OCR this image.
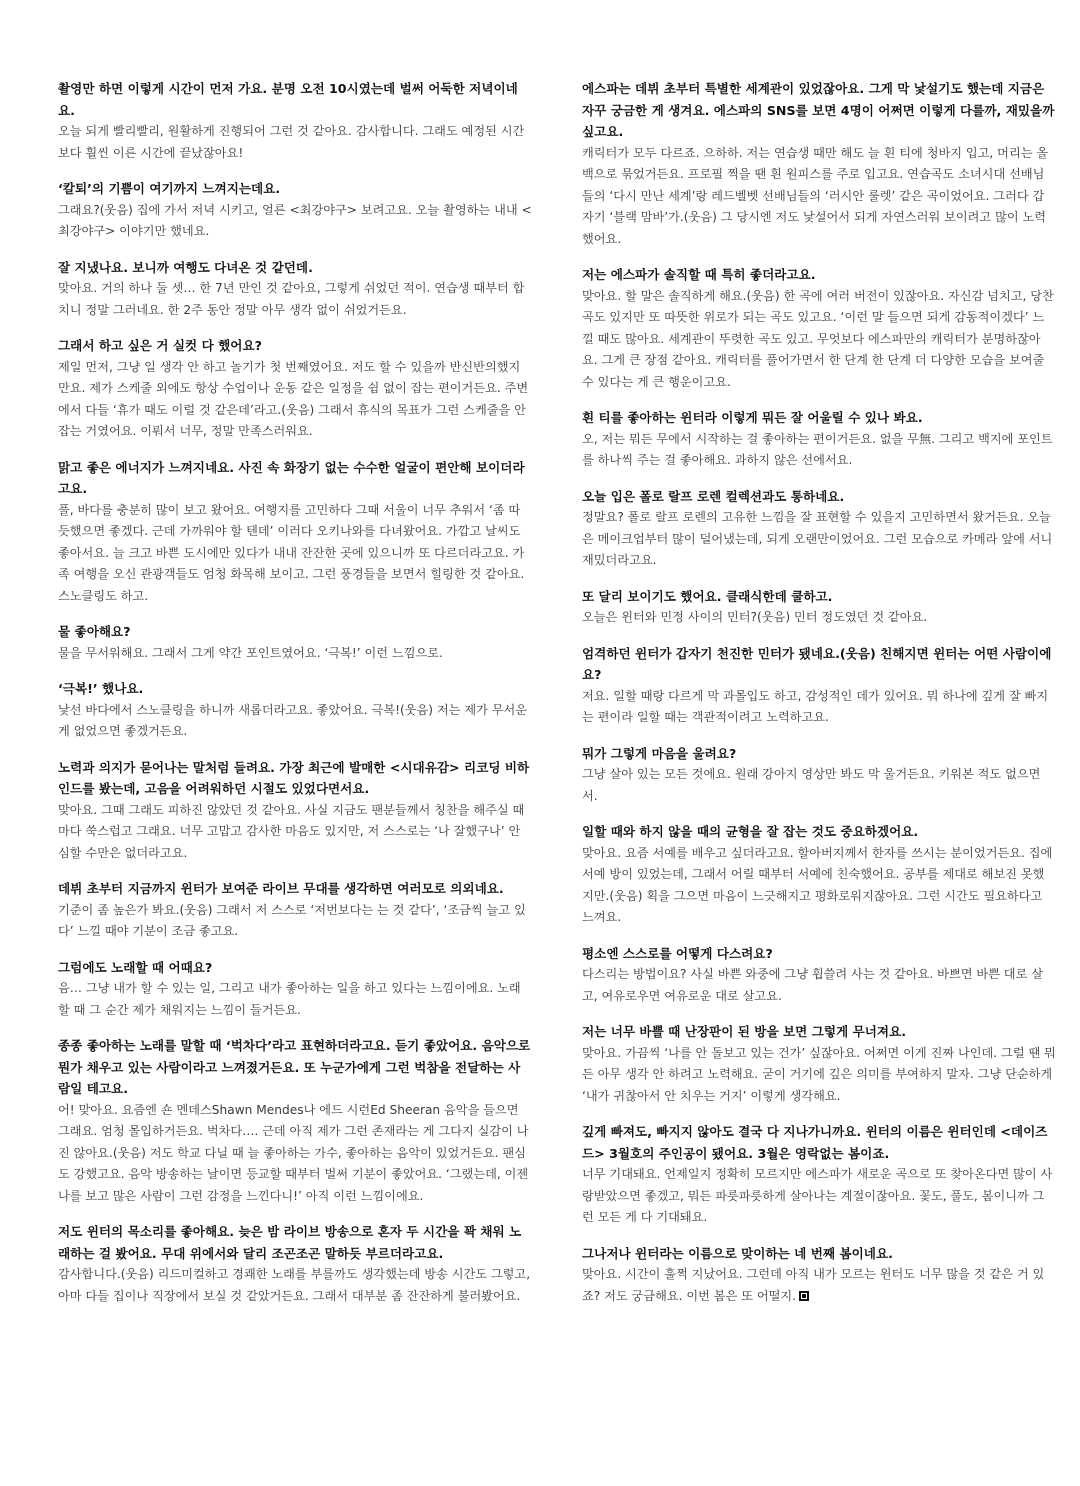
촬영만 하면 이렇게 시간이 먼저 가요. 분명 오전 10시였는데 벌써 어둑한 저녁이네요.

오늘 되게 빨리빨리, 원활하게 진행되어 그런 것 같아요. 감사합니다. 그래도 예정된 시간보다 훨씬 이른 시간에 끝났잖아요!

‘칼퇴’의 기쁨이 여기까지 느껴지는데요.

그래요?(웃음) 집에 가서 저녁 시키고, 얼른 <최강야구> 보려고요. 오늘 촬영하는 내내 <최강야구> 이야기만 했네요.

잘 지냈나요. 보니까 여행도 다녀온 것 같던데.

맞아요. 거의 하나 둘 셋… 한 7년 만인 것 같아요, 그렇게 쉬었던 적이. 연습생 때부터 합치니 정말 그러네요. 한 2주 동안 정말 아무 생각 없이 쉬었거든요.

그래서 하고 싶은 거 실컷 다 했어요?

제일 먼저, 그냥 일 생각 안 하고 놀기가 첫 번째였어요. 저도 할 수 있을까 반신반의했지만요. 제가 스케줄 외에도 항상 수업이나 운동 같은 일정을 쉼 없이 잡는 편이거든요. 주변에서 다들 ‘휴가 때도 이럴 것 같은데’라고.(웃음) 그래서 휴식의 목표가 그런 스케줄을 안 잡는 거였어요. 이뤄서 너무, 정말 만족스러워요.

맑고 좋은 에너지가 느껴지네요. 사진 속 화장기 없는 수수한 얼굴이 편안해 보이더라고요.

풀, 바다를 충분히 많이 보고 왔어요. 여행지를 고민하다 그때 서울이 너무 추워서 ‘좀 따듯했으면 좋겠다. 근데 가까워야 할 텐데’ 이러다 오키나와를 다녀왔어요. 가깝고 날씨도 좋아서요. 늘 크고 바쁜 도시에만 있다가 내내 잔잔한 곳에 있으니까 또 다르더라고요. 가족 여행을 오신 관광객들도 엄청 화목해 보이고. 그런 풍경들을 보면서 힐링한 것 같아요. 스노클링도 하고.

물 좋아해요?

물을 무서워해요. 그래서 그게 약간 포인트였어요. ‘극복!’ 이런 느낌으로.

‘극복!’ 했나요.

낯선 바다에서 스노클링을 하니까 새롭더라고요. 좋았어요. 극복!(웃음) 저는 제가 무서운 게 없었으면 좋겠거든요.

노력과 의지가 묻어나는 말처럼 들려요. 가장 최근에 발매한 <시대유감> 리코딩 비하인드를 봤는데, 고음을 어려워하던 시절도 있었다면서요.

맞아요. 그때 그래도 피하진 않았던 것 같아요. 사실 지금도 팬분들께서 칭찬을 해주실 때마다 쑥스럽고 그래요. 너무 고맙고 감사한 마음도 있지만, 저 스스로는 ‘나 잘했구나’ 안심할 수만은 없더라고요.

데뷔 초부터 지금까지 윈터가 보여준 라이브 무대를 생각하면 여러모로 의외네요.

기준이 좀 높은가 봐요.(웃음) 그래서 저 스스로 ‘저번보다는 는 것 같다’, ‘조금씩 늘고 있다’ 느낄 때야 기분이 조금 좋고요.

그럼에도 노래할 때 어때요?

음… 그냥 내가 할 수 있는 일, 그리고 내가 좋아하는 일을 하고 있다는 느낌이에요. 노래할 때 그 순간 제가 채워지는 느낌이 들거든요.

종종 좋아하는 노래를 말할 때 ‘벅차다’라고 표현하더라고요. 듣기 좋았어요. 음악으로 뭔가 채우고 있는 사람이라고 느껴졌거든요. 또 누군가에게 그런 벅참을 전달하는 사람일 테고요.

어! 맞아요. 요즘엔 숀 멘데스Shawn Mendes나 에드 시런Ed Sheeran 음악을 들으면 그래요. 엄청 몰입하거든요. 벅차다…. 근데 아직 제가 그런 존재라는 게 그다지 실감이 나진 않아요.(웃음) 저도 학교 다닐 때 늘 좋아하는 가수, 좋아하는 음악이 있었거든요. 팬심도 강했고요. 음악 방송하는 날이면 등교할 때부터 벌써 기분이 좋았어요. ‘그랬는데, 이젠 나를 보고 많은 사람이 그런 감정을 느낀다니!’ 아직 이런 느낌이에요.

저도 윈터의 목소리를 좋아해요. 늦은 밤 라이브 방송으로 혼자 두 시간을 꽉 채워 노래하는 걸 봤어요. 무대 위에서와 달리 조곤조곤 말하듯 부르더라고요.

감사합니다.(웃음) 리드미컬하고 경쾌한 노래를 부를까도 생각했는데 방송 시간도 그렇고, 아마 다들 집이나 직장에서 보실 것 같았거든요. 그래서 대부분 좀 잔잔하게 불러봤어요.

에스파는 데뷔 초부터 특별한 세계관이 있었잖아요. 그게 막 낯설기도 했는데 지금은 자꾸 궁금한 게 생겨요. 에스파의 SNS를 보면 4명이 어쩌면 이렇게 다를까, 재밌을까 싶고요.

캐릭터가 모두 다르죠. 으하하. 저는 연습생 때만 해도 늘 흰 티에 청바지 입고, 머리는 올백으로 묶었거든요. 프로필 찍을 땐 흰 원피스를 주로 입고요. 연습곡도 소녀시대 선배님들의 ‘다시 만난 세계’랑 레드벨벳 선배님들의 ‘러시안 룰렛’ 같은 곡이었어요. 그러다 갑자기 ‘블랙 맘바’가.(웃음) 그 당시엔 저도 낯설어서 되게 자연스러워 보이려고 많이 노력했어요.

저는 에스파가 솔직할 때 특히 좋더라고요.

맞아요. 할 말은 솔직하게 해요.(웃음) 한 곡에 여러 버전이 있잖아요. 자신감 넘치고, 당찬 곡도 있지만 또 따뜻한 위로가 되는 곡도 있고요. ‘이런 말 들으면 되게 감동적이겠다’ 느낄 때도 많아요. 세계관이 뚜렷한 곡도 있고. 무엇보다 에스파만의 캐릭터가 분명하잖아요. 그게 큰 장점 같아요. 캐릭터를 풀어가면서 한 단계 한 단계 더 다양한 모습을 보여줄 수 있다는 게 큰 행운이고요.

흰 티를 좋아하는 윈터라 이렇게 뭐든 잘 어울릴 수 있나 봐요.

오, 저는 뭐든 무에서 시작하는 걸 좋아하는 편이거든요. 없을 무無. 그리고 백지에 포인트를 하나씩 주는 걸 좋아해요. 과하지 않은 선에서요.

오늘 입은 폴로 랄프 로렌 컬렉션과도 통하네요.

정말요? 폴로 랄프 로렌의 고유한 느낌을 잘 표현할 수 있을지 고민하면서 왔거든요. 오늘은 메이크업부터 많이 덜어냈는데, 되게 오랜만이었어요. 그런 모습으로 카메라 앞에 서니 재밌더라고요.

또 달리 보이기도 했어요. 클래식한데 쿨하고.

오늘은 윈터와 민정 사이의 민터?(웃음) 민터 정도였던 것 같아요.

엄격하던 윈터가 갑자기 천진한 민터가 됐네요.(웃음) 친해지면 윈터는 어떤 사람이에요?

저요. 일할 때랑 다르게 막 과몰입도 하고, 감성적인 데가 있어요. 뭐 하나에 깊게 잘 빠지는 편이라 일할 때는 객관적이려고 노력하고요.

뭐가 그렇게 마음을 울려요?

그냥 살아 있는 모든 것에요. 원래 강아지 영상만 봐도 막 울거든요. 키워본 적도 없으면서.

일할 때와 하지 않을 때의 균형을 잘 잡는 것도 중요하겠어요.

맞아요. 요즘 서예를 배우고 싶더라고요. 할아버지께서 한자를 쓰시는 분이었거든요. 집에 서예 방이 있었는데, 그래서 어릴 때부터 서예에 친숙했어요. 공부를 제대로 해보진 못했지만.(웃음) 획을 그으면 마음이 느긋해지고 평화로워지잖아요. 그런 시간도 필요하다고 느껴요.

평소엔 스스로를 어떻게 다스려요?

다스리는 방법이요? 사실 바쁜 와중에 그냥 휩쓸려 사는 것 같아요. 바쁘면 바쁜 대로 살고, 여유로우면 여유로운 대로 살고요.

저는 너무 바쁠 때 난장판이 된 방을 보면 그렇게 무너져요.

맞아요. 가끔씩 ‘나를 안 돌보고 있는 건가’ 싶잖아요. 어쩌면 이게 진짜 나인데. 그럴 땐 뭐든 아무 생각 안 하려고 노력해요. 굳이 거기에 깊은 의미를 부여하지 말자. 그냥 단순하게 ‘내가 귀찮아서 안 치우는 거지’ 이렇게 생각해요.

깊게 빠져도, 빠지지 않아도 결국 다 지나가니까요. 윈터의 이름은 윈터인데 <데이즈드> 3월호의 주인공이 됐어요. 3월은 영락없는 봄이죠.

너무 기대돼요. 언제일지 정확히 모르지만 에스파가 새로운 곡으로 또 찾아온다면 많이 사랑받았으면 좋겠고, 뭐든 파릇파릇하게 살아나는 계절이잖아요. 꽃도, 풀도, 봄이니까 그런 모든 게 다 기대돼요.

그나저나 윈터라는 이름으로 맞이하는 네 번째 봄이네요.

맞아요. 시간이 훌쩍 지났어요. 그런데 아직 내가 모르는 윈터도 너무 많을 것 같은 거 있죠? 저도 궁금해요. 이번 봄은 또 어떨지.
